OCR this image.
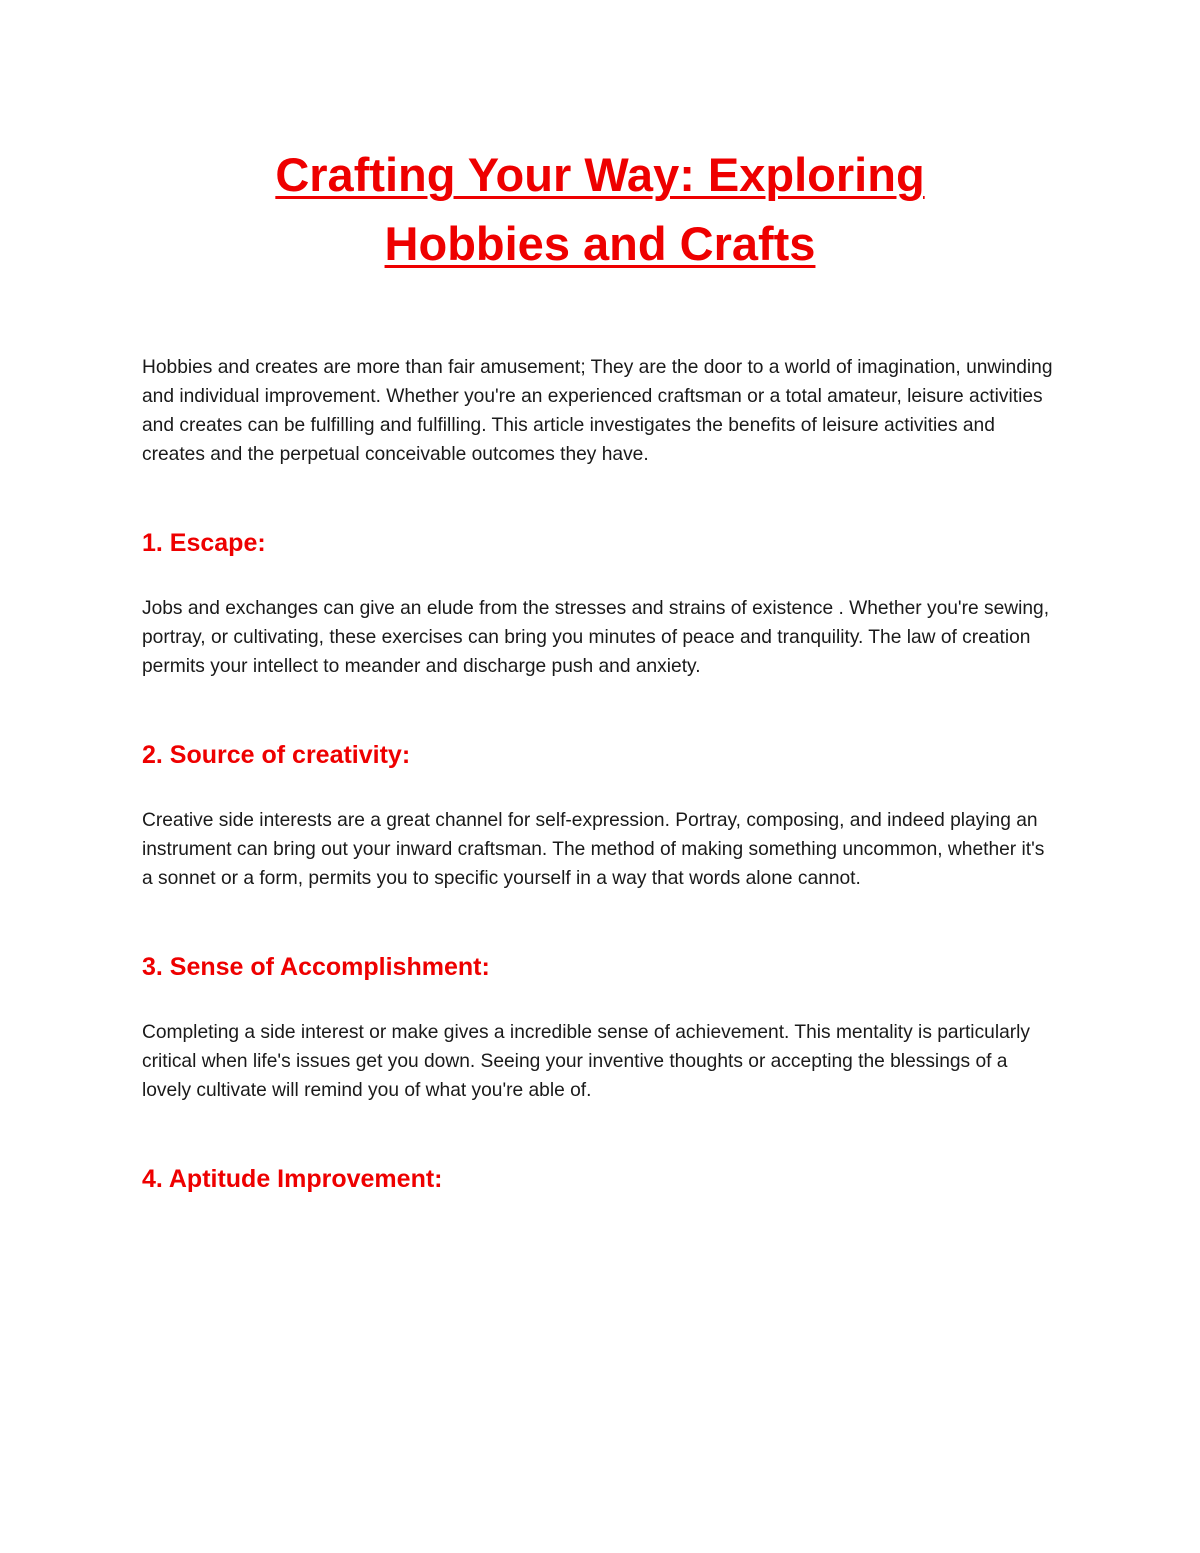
Crafting Your Way: Exploring
Hobbies and Crafts

Hobbies and creates are more than fair amusement; They are the door to a world of imagination, unwinding and individual improvement. Whether you're an experienced craftsman or a total amateur, leisure activities and creates can be fulfilling and fulfilling. This article investigates the benefits of leisure activities and creates and the perpetual conceivable outcomes they have.

1. Escape:

Jobs and exchanges can give an elude from the stresses and strains of existence . Whether you're sewing, portray, or cultivating, these exercises can bring you minutes of peace and tranquility. The law of creation permits your intellect to meander and discharge push and anxiety.

2. Source of creativity:

Creative side interests are a great channel for self-expression. Portray, composing, and indeed playing an instrument can bring out your inward craftsman. The method of making something uncommon, whether it's a sonnet or a form, permits you to specific yourself in a way that words alone cannot.

3. Sense of Accomplishment:

Completing a side interest or make gives a incredible sense of achievement. This mentality is particularly critical when life's issues get you down. Seeing your inventive thoughts or accepting the blessings of a lovely cultivate will remind you of what you're able of.

4. Aptitude Improvement:
